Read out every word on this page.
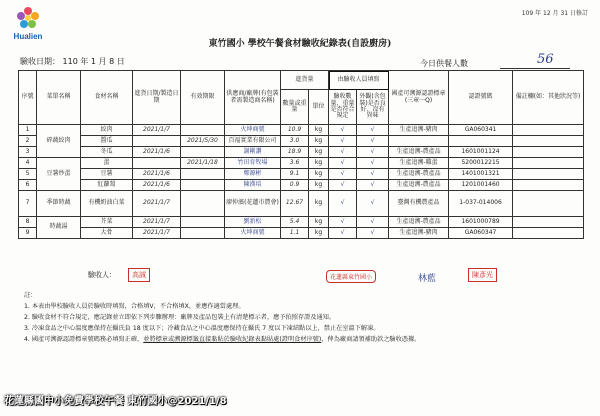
Hualien
109 年 12 月 31 日修訂
東竹國小 學校午餐食材驗收紀錄表(自設廚房)
驗收日期： 110 年 1 月 8 日	今日供餐人數	56
序號	菜單名稱	食材名稱	進貨日期/製造日期	有效期限	供應商/廠牌(有包裝者需製造商名稱)	進貨量		由驗收人員填寫		國產可溯源認證標章(三章一Q)	認證號碼	備註欄(如：其他狀況等)
						數量或重量	單位	驗收數量，重量是否符合規定	外觀(含包裝)是否良好、沒有異味			
1	碎蔬絞肉	絞肉	2021/1/7		火坤商號	10.9	kg	√	√	生產追溯-豬肉	GA060341	
2		醬瓜		2021/5/30	百福實業有限公司	3.0	kg	√	√			
3		冬瓜	2021/1/6		謝剛讚	18.9	kg	√	√	生產追溯-農產品	1601001124	
4	豆薯炒蛋	蛋		2021/1/18	竹田育牧場	3.6	kg	√	√	生產追溯-雞蛋	5200012215	
5		豆薯	2021/1/6		鄭源彬	9.1	kg	√	√	生產追溯-農產品	1401001321	
6		紅蘿蔔	2021/1/6		陳漢培	0.9	kg	√	√	生產追溯-農產品	1201001460	
7	季節時蔬	有機奶油白菜	2021/1/7		廖仲濱(花蓮市農會)	12.67	kg	√	√	臺灣有機農產品	1-037-014006	
8	時蔬湯	芥菜	2021/1/7		劉新松	5.4	kg	√	√	生產追溯-農產品	1601000789	
9		大骨	2021/1/7		火坤商號	1.1	kg	√	√	生產追溯-豬肉	GA060347	
驗收人：	高誠	花蓮縣東竹國小	林藍	陳彥光
註：
1. 本表由學校驗收人員於驗收時填寫，合格填V，不合格填X，並應作適當處理。
2. 驗收食材不符合規定，應記錄並立即依下列步驟辦理：廠牌及產品包裝上有清楚標示者，應予拍照存證及通知。
3. 冷凍食品之中心溫度應保持在攝氏負 18 度以下；冷藏食品之中心溫度應保持在攝氏 7 度以下凍結點以上，禁止在室溫下解凍。
4. 國產可溯源認證標章號碼務必填寫正確，並將標章或溯源標籤直接黏貼於驗收紀錄表黏貼處(證明食材序號)，俾為廠商請領補助款之驗收憑據。
花蓮縣國中小免費學校午餐 東竹國小@2021/1/8
